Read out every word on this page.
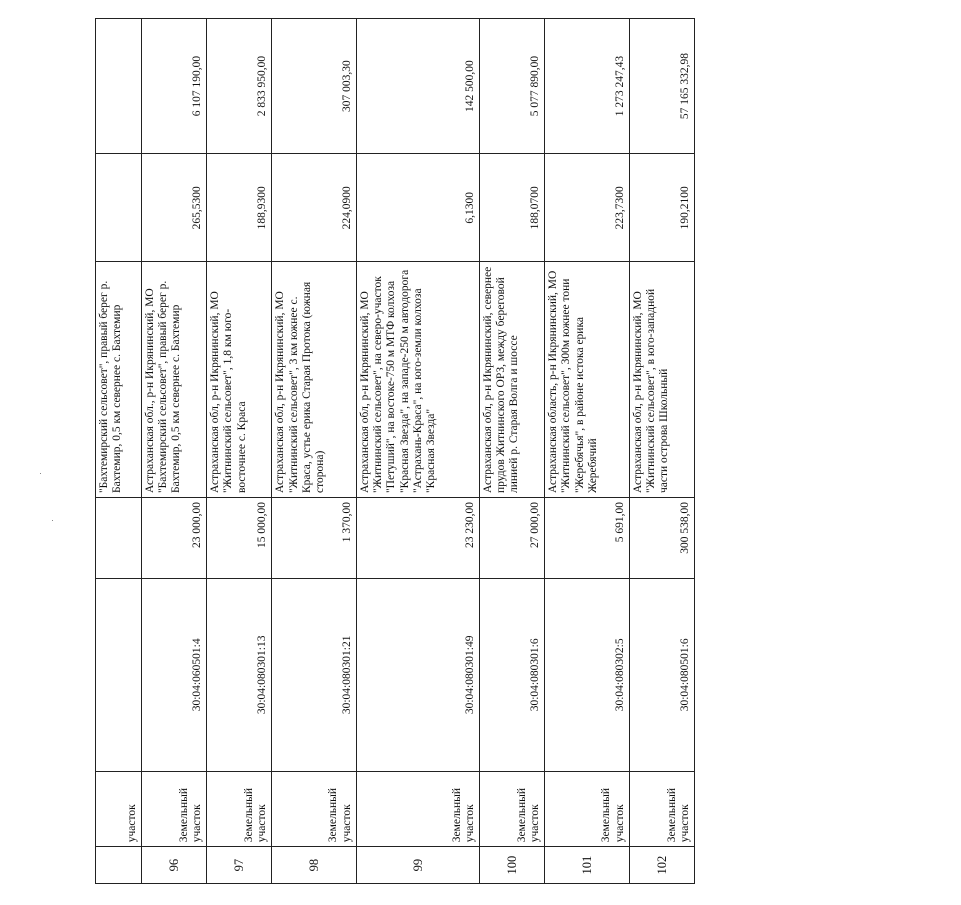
	участок			"Бахтемирский сельсовет", правый берег р. Бахтемир, 0,5 км севернее с. Бахтемир		
96	Земельный участок	30:04:060501:4	23 000,00	Астраханская обл., р-н Икрянинский, МО "Бахтемирский сельсовет", правый берег р. Бахтемир, 0,5 км севернее с. Бахтемир	265,5300	6 107 190,00
97	Земельный участок	30:04:080301:13	15 000,00	Астраханская обл, р-н Икрянинский, МО "Житнинский сельсовет", 1,8 км юго-восточнее с. Краса	188,9300	2 833 950,00
98	Земельный участок	30:04:080301:21	1 370,00	Астраханская обл, р-н Икрянинский, МО "Житнинский сельсовет", 3 км южнее с. Краса, устье ерика Старая Протока (южная сторона)	224,0900	307 003,30
99	Земельный участок	30:04:080301:49	23 230,00	Астраханская обл, р-н Икрянинский, МО "Житнинский сельсовет", на северо-участок "Петуший", на востоке-750 м МТФ колхоза "Красная Звезда", на западе-250 м автодорога "Астрахань-Краса", на юго-земли колхоза "Красная Звезда"	6,1300	142 500,00
100	Земельный участок	30:04:080301:6	27 000,00	Астраханская обл, р-н Икрянинский, севернее прудов Житнинского ОРЗ, между береговой линией р. Старая Волга и шоссе	188,0700	5 077 890,00
101	Земельный участок	30:04:080302:5	5 691,00	Астраханская область, р-н Икрянинский, МО "Житнинский сельсовет", 300м южнее тони "Жеребячья", в районе истока ерика Жеребячий	223,7300	1 273 247,43
102	Земельный участок	30:04:080501:6	300 538,00	Астраханская обл, р-н Икрянинский, МО "Житнинский сельсовет", в юго-западной части острова Школьный	190,2100	57 165 332,98
